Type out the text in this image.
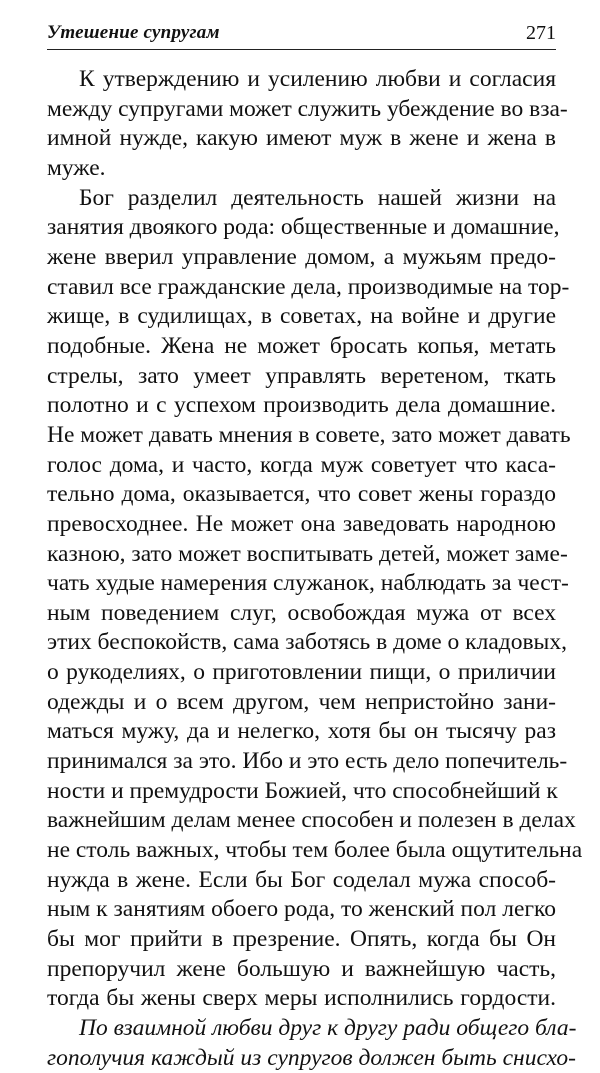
Утешение супругам	271

К утверждению и усилению любви и согласия
между супругами может служить убеждение во вза-
имной нужде, какую имеют муж в жене и жена в
муже.

Бог разделил деятельность нашей жизни на
занятия двоякого рода: общественные и домашние,
жене вверил управление домом, а мужьям предо-
ставил все гражданские дела, производимые на тор-
жище, в судилищах, в советах, на войне и другие
подобные. Жена не может бросать копья, метать
стрелы, зато умеет управлять веретеном, ткать
полотно и с успехом производить дела домашние.
Не может давать мнения в совете, зато может давать
голос дома, и часто, когда муж советует что каса-
тельно дома, оказывается, что совет жены гораздо
превосходнее. Не может она заведовать народною
казною, зато может воспитывать детей, может заме-
чать худые намерения служанок, наблюдать за чест-
ным поведением слуг, освобождая мужа от всех
этих беспокойств, сама заботясь в доме о кладовых,
о рукоделиях, о приготовлении пищи, о приличии
одежды и о всем другом, чем непристойно зани-
маться мужу, да и нелегко, хотя бы он тысячу раз
принимался за это. Ибо и это есть дело попечитель-
ности и премудрости Божией, что способнейший к
важнейшим делам менее способен и полезен в делах
не столь важных, чтобы тем более была ощутительна
нужда в жене. Если бы Бог соделал мужа способ-
ным к занятиям обоего рода, то женский пол легко
бы мог прийти в презрение. Опять, когда бы Он
препоручил жене большую и важнейшую часть,
тогда бы жены сверх меры исполнились гордости.

По взаимной любви друг к другу ради общего бла-
гополучия каждый из супругов должен быть снисхо-
